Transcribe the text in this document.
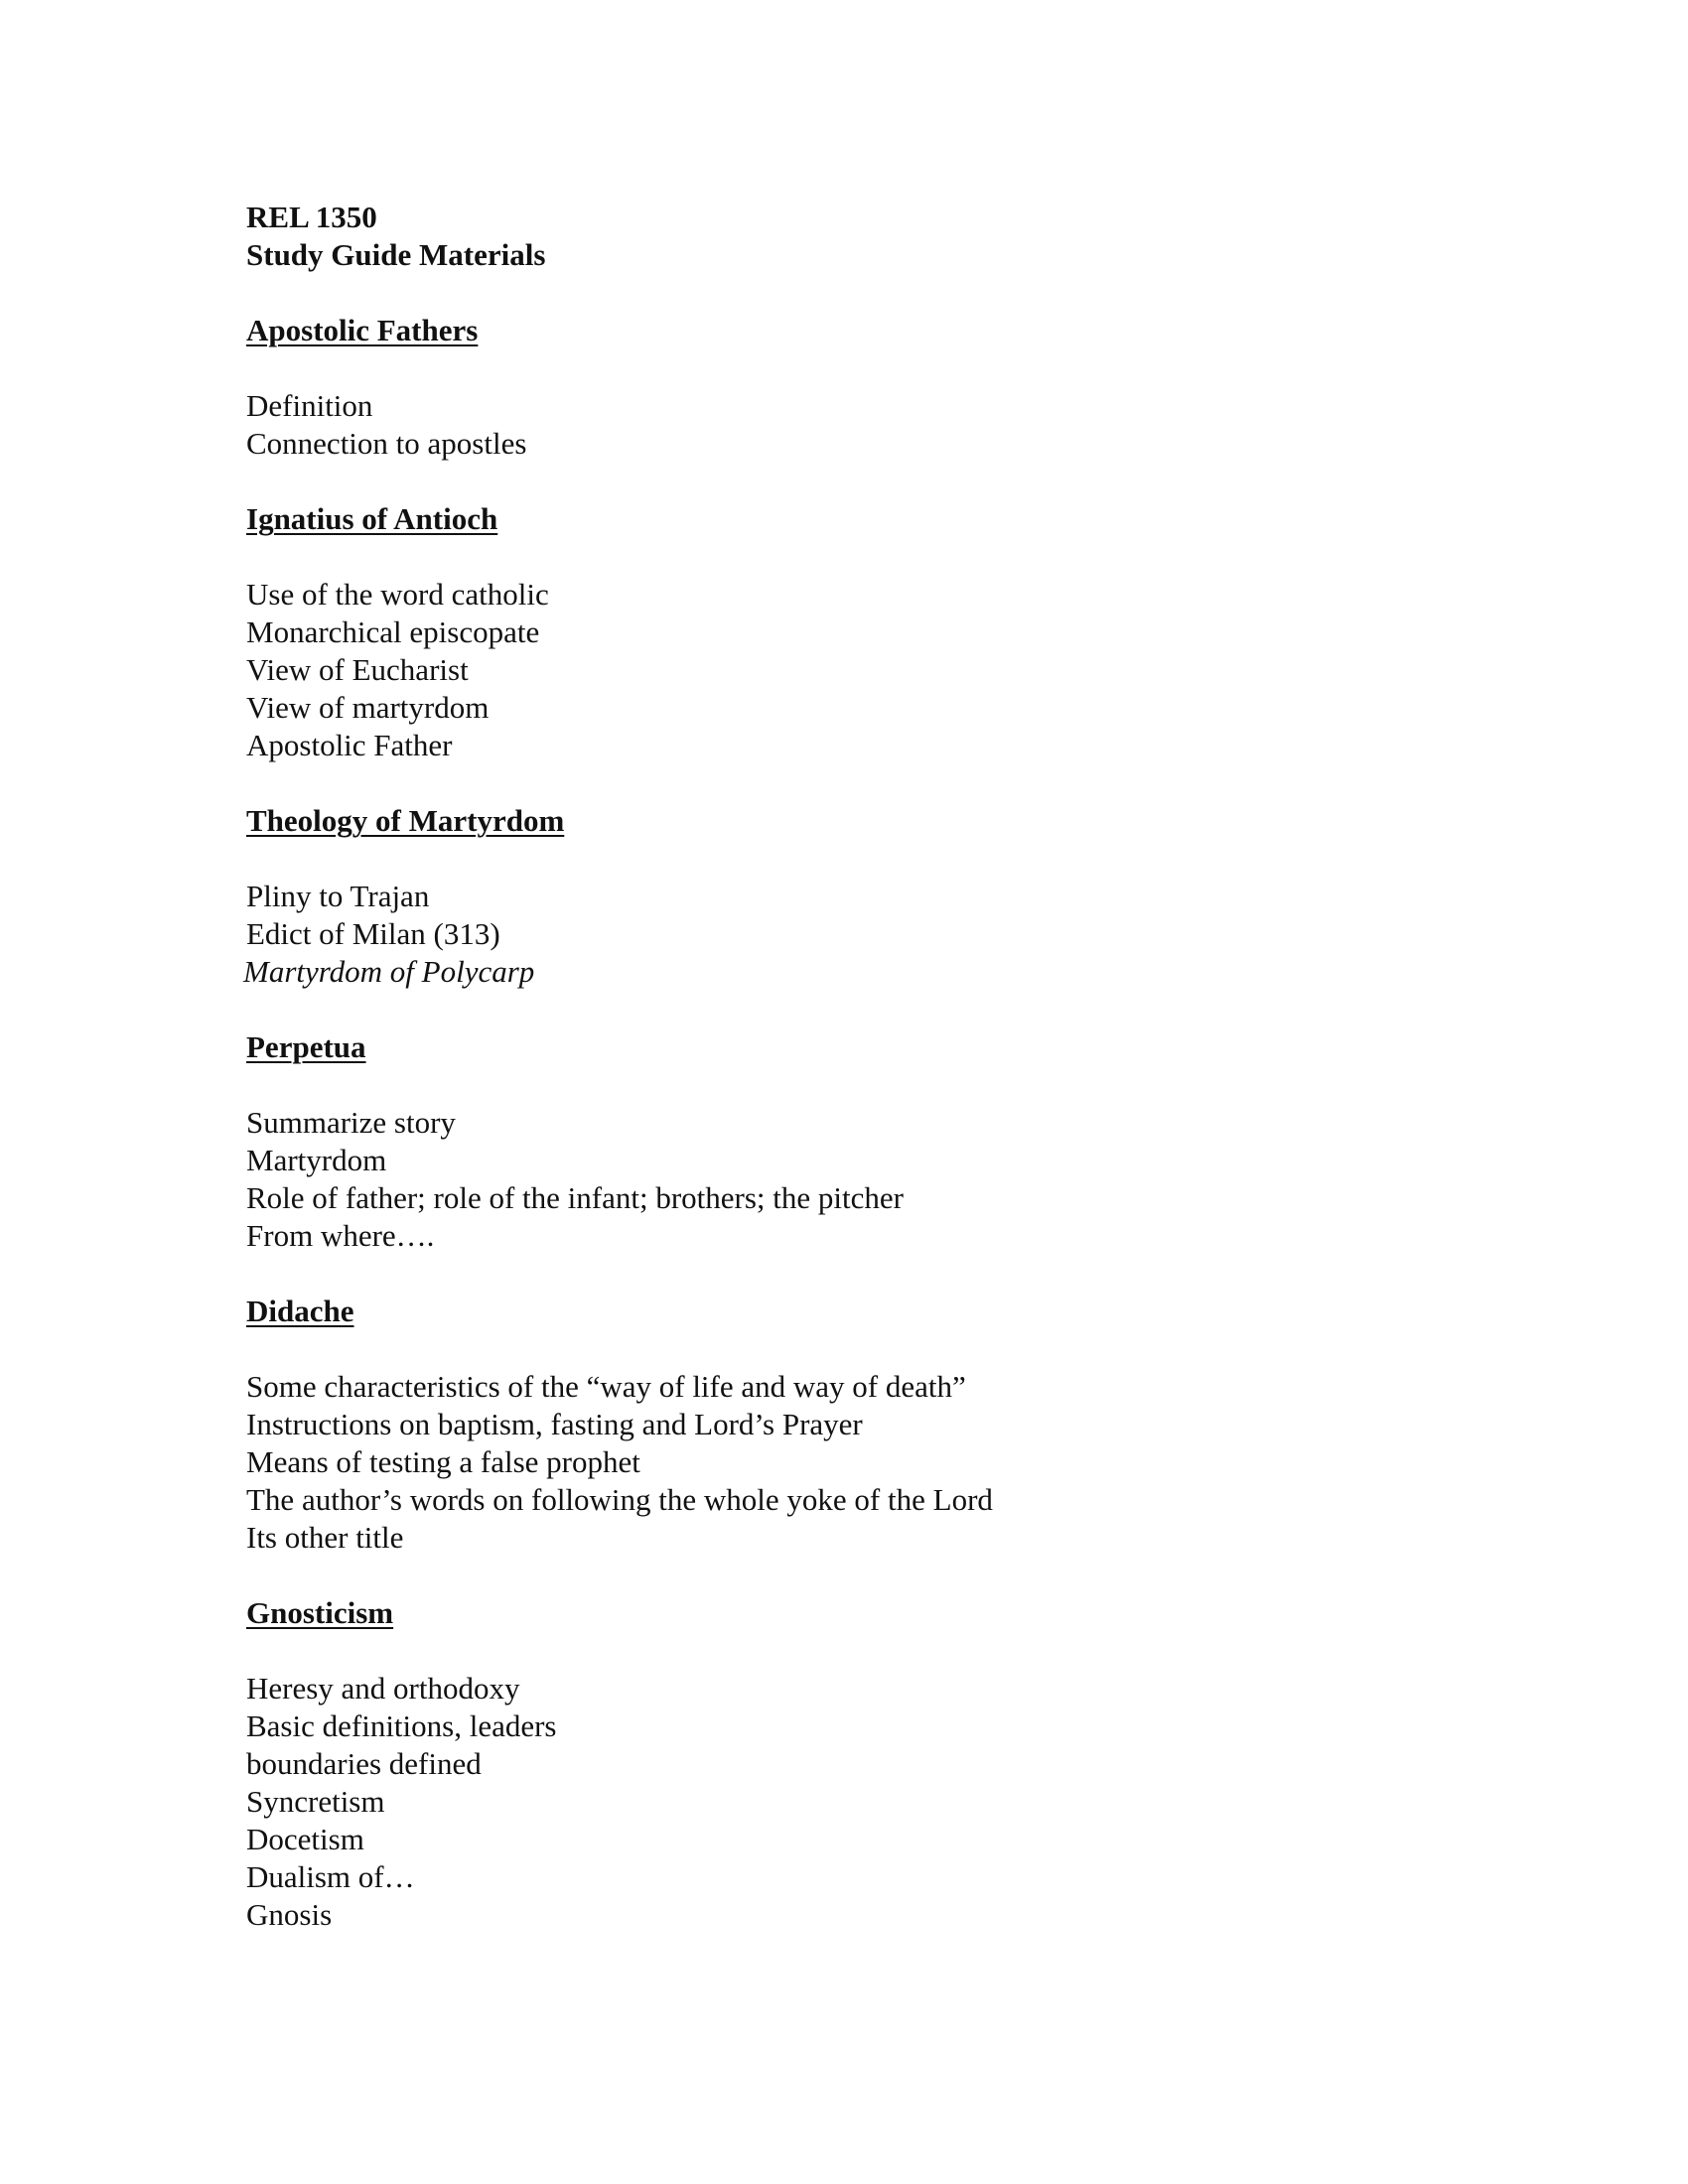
REL 1350
Study Guide Materials
Apostolic Fathers
Definition
Connection to apostles
Ignatius of Antioch
Use of the word catholic
Monarchical episcopate
View of Eucharist
View of martyrdom
Apostolic Father
Theology of Martyrdom
Pliny to Trajan
Edict of Milan (313)
Martyrdom of Polycarp
Perpetua
Summarize story
Martyrdom
Role of father; role of the infant; brothers; the pitcher
From where….
Didache
Some characteristics of the “way of life and way of death”
Instructions on baptism, fasting and Lord’s Prayer
Means of testing a false prophet
The author’s words on following the whole yoke of the Lord
Its other title
Gnosticism
Heresy and orthodoxy
Basic definitions, leaders
boundaries defined
Syncretism
Docetism
Dualism of…
Gnosis
